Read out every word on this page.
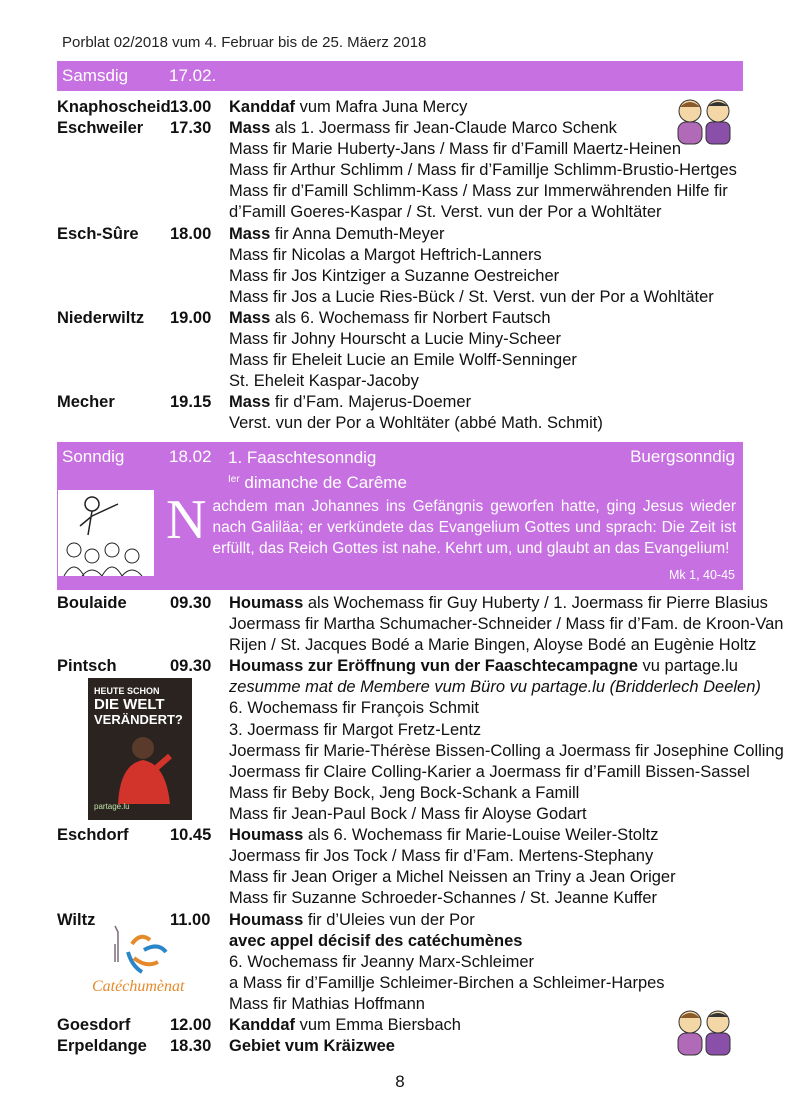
Porblat 02/2018 vum 4. Februar bis de 25. Mäerz 2018
Samsdig 17.02.
Knaphoscheid 13.00 Kanddaf vum Mafra Juna Mercy
Eschweiler 17.30 Mass als 1. Joermass fir Jean-Claude Marco Schenk
Mass fir Marie Huberty-Jans / Mass fir d’Famill Maertz-Heinen
Mass fir Arthur Schlimm / Mass fir d’Famillje Schlimm-Brustio-Hertges
Mass fir d’Famill Schlimm-Kass / Mass zur Immerwährenden Hilfe fir
d’Famill Goeres-Kaspar / St. Verst. vun der Por a Wohltäter
Esch-Sûre 18.00 Mass fir Anna Demuth-Meyer
Mass fir Nicolas a Margot Heftrich-Lanners
Mass fir Jos Kintziger a Suzanne Oestreicher
Mass fir Jos a Lucie Ries-Bück / St. Verst. vun der Por a Wohltäter
Niederwiltz 19.00 Mass als 6. Wochemass fir Norbert Fautsch
Mass fir Johny Hourscht a Lucie Miny-Scheer
Mass fir Eheleit Lucie an Emile Wolff-Senninger
St. Eheleit Kaspar-Jacoby
Mecher	19.15 Mass fir d’Fam. Majerus-Doemer
Verst. vun der Por a Wohltäter (abbé Math. Schmit)
Sonndig	18.02 1. Faaschtesonndig
$^{Ier}$ dimanche de Carême
Buergsonndig
Mk 1, 40-45
Nachdem man Johannes ins Gefängnis geworfen hatte, ging Jesus wieder nach Galiläa; er verkündete das Evangelium Gottes und sprach: Die Zeit ist erfüllt, das Reich Gottes ist nahe. Kehrt um, und glaubt an das Evangelium!
Boulaide	09.30 Houmass als Wochemass fir Guy Huberty / 1. Joermass fir Pierre Blasius
Joermass fir Martha Schumacher-Schneider / Mass fir d’Fam. de Kroon-Van
Rijen / St. Jacques Bodé a Marie Bingen, Aloyse Bodé an Eugènie Holtz
Pintsch	09.30 Houmass zur Eröffnung vun der Faaschtecampagne vu partage.lu
zesumme mat de Membere vum Büro vu partage.lu (Bridderlech Deelen)
6. Wochemass fir François Schmit
3. Joermass fir Margot Fretz-Lentz
Joermass fir Marie-Thérèse Bissen-Colling a Joermass fir Josephine Colling
Joermass fir Claire Colling-Karier a Joermass fir d’Famill Bissen-Sassel
Mass fir Beby Bock, Jeng Bock-Schank a Famill
Mass fir Jean-Paul Bock / Mass fir Aloyse Godart
Eschdorf	10.45 Houmass als 6. Wochemass fir Marie-Louise Weiler-Stoltz
Joermass fir Jos Tock / Mass fir d’Fam. Mertens-Stephany
Mass fir Jean Origer a Michel Neissen an Triny a Jean Origer
Mass fir Suzanne Schroeder-Schannes / St. Jeanne Kuffer
Wiltz	11.00 Houmass fir d’Uleies vun der Por
avec appel décisif des catéchumènes
6. Wochemass fir Jeanny Marx-Schleimer
a Mass fir d’Famillje Schleimer-Birchen a Schleimer-Harpes
Mass fir Mathias Hoffmann
Goesdorf 12.00 Kanddaf vum Emma Biersbach
Erpeldange 18.30 Gebiet vum Kräizwee
HEUTE SCHON
DIE WELT
VERÄNDERT?
partage.lu
Catéchumènat
8
